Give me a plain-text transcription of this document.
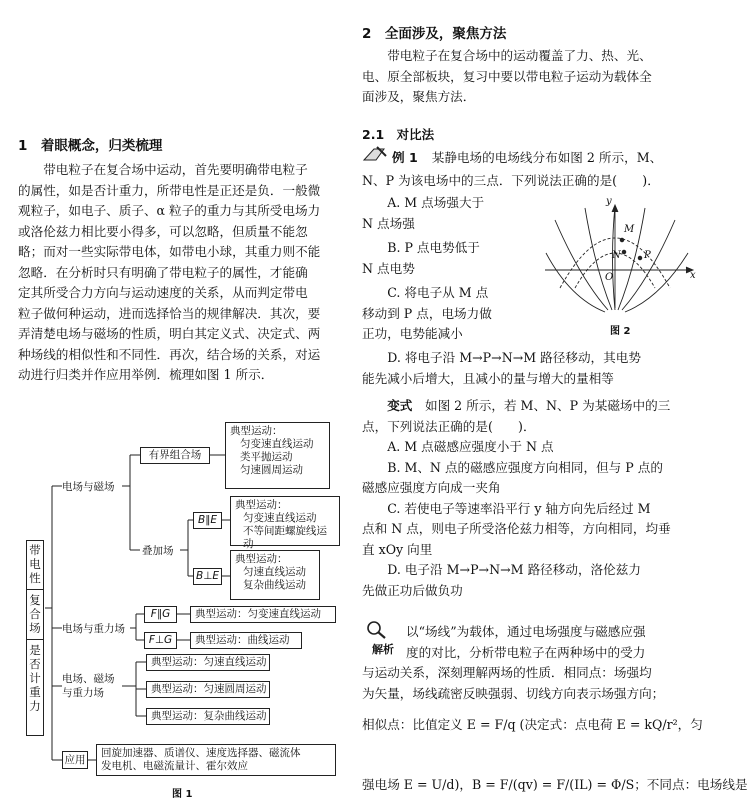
1　着眼概念，归类梳理
带电粒子在复合场中运动，首先要明确带电粒子
的属性，如是否计重力，所带电性是正还是负．一般微
观粒子，如电子、质子、α 粒子的重力与其所受电场力
或洛伦兹力相比要小得多，可以忽略，但质量不能忽
略；而对一些实际带电体，如带电小球，其重力则不能
忽略．在分析时只有明确了带电粒子的属性，才能确
定其所受合力方向与运动速度的关系，从而判定带电
粒子做何种运动，进而选择恰当的规律解决．其次，要
弄清楚电场与磁场的性质，明白其定义式、决定式、两
种场线的相似性和不同性．再次，结合场的关系，对运
动进行归类并作应用举例．梳理如图 1 所示．
带
电
性
复
合
场
是
否
计
重
力
电场与磁场
电场与重力场
电场、磁场
与重力场
应用
有界组合场
典型运动：
匀变速直线运动
类平抛运动
匀速圆周运动
叠加场
B∥E
典型运动：
匀变速直线运动
不等间距螺旋线运动
B⊥E
典型运动：
匀速直线运动
复杂曲线运动
F∥G	典型运动：匀变速直线运动
F⊥G	典型运动：曲线运动
典型运动：匀速直线运动
典型运动：匀速圆周运动
典型运动：复杂曲线运动
回旋加速器、质谱仪、速度选择器、磁流体
发电机、电磁流量计、霍尔效应
图 1
2　全面涉及，聚焦方法
带电粒子在复合场中的运动覆盖了力、热、光、
电、原全部板块，复习中要以带电粒子运动为载体全
面涉及，聚焦方法．
2.1　对比法
例 1 某静电场的电场线分布如图 2 所示，M、
N、P 为该电场中的三点．下列说法正确的是(　　)．
A. M 点场强大于
N 点场强
B. P 点电势低于
N 点电势
C. 将电子从 M 点
移动到 P 点，电场力做
正功，电势能减小
y
x
O
M
N P
图 2
D. 将电子沿 M→P→N→M 路径移动，其电势
能先减小后增大，且减小的量与增大的量相等
变式　 如图 2 所示，若 M、N、P 为某磁场中的三
点，下列说法正确的是(　　)．
A. M 点磁感应强度小于 N 点
B. M、N 点的磁感应强度方向相同，但与 P 点的
磁感应强度方向成一夹角
C. 若使电子等速率沿平行 y 轴方向先后经过 M
点和 N 点，则电子所受洛伦兹力相等，方向相同，均垂
直 xOy 向里
D. 电子沿 M→P→N→M 路径移动，洛伦兹力
先做正功后做负功
解析
以“场线”为载体，通过电场强度与磁感应强
度的对比，分析带电粒子在两种场中的受力
与运动关系，深刻理解两场的性质．相同点：场强均
为矢量，场线疏密反映强弱、切线方向表示场强方向；
相似点：比值定义 E = F/q (决定式：点电荷 E = kQ/r²，匀
强电场 E = U/d)，B = F/(qv) = F/(IL) = Φ/S；不同点：电场线是
